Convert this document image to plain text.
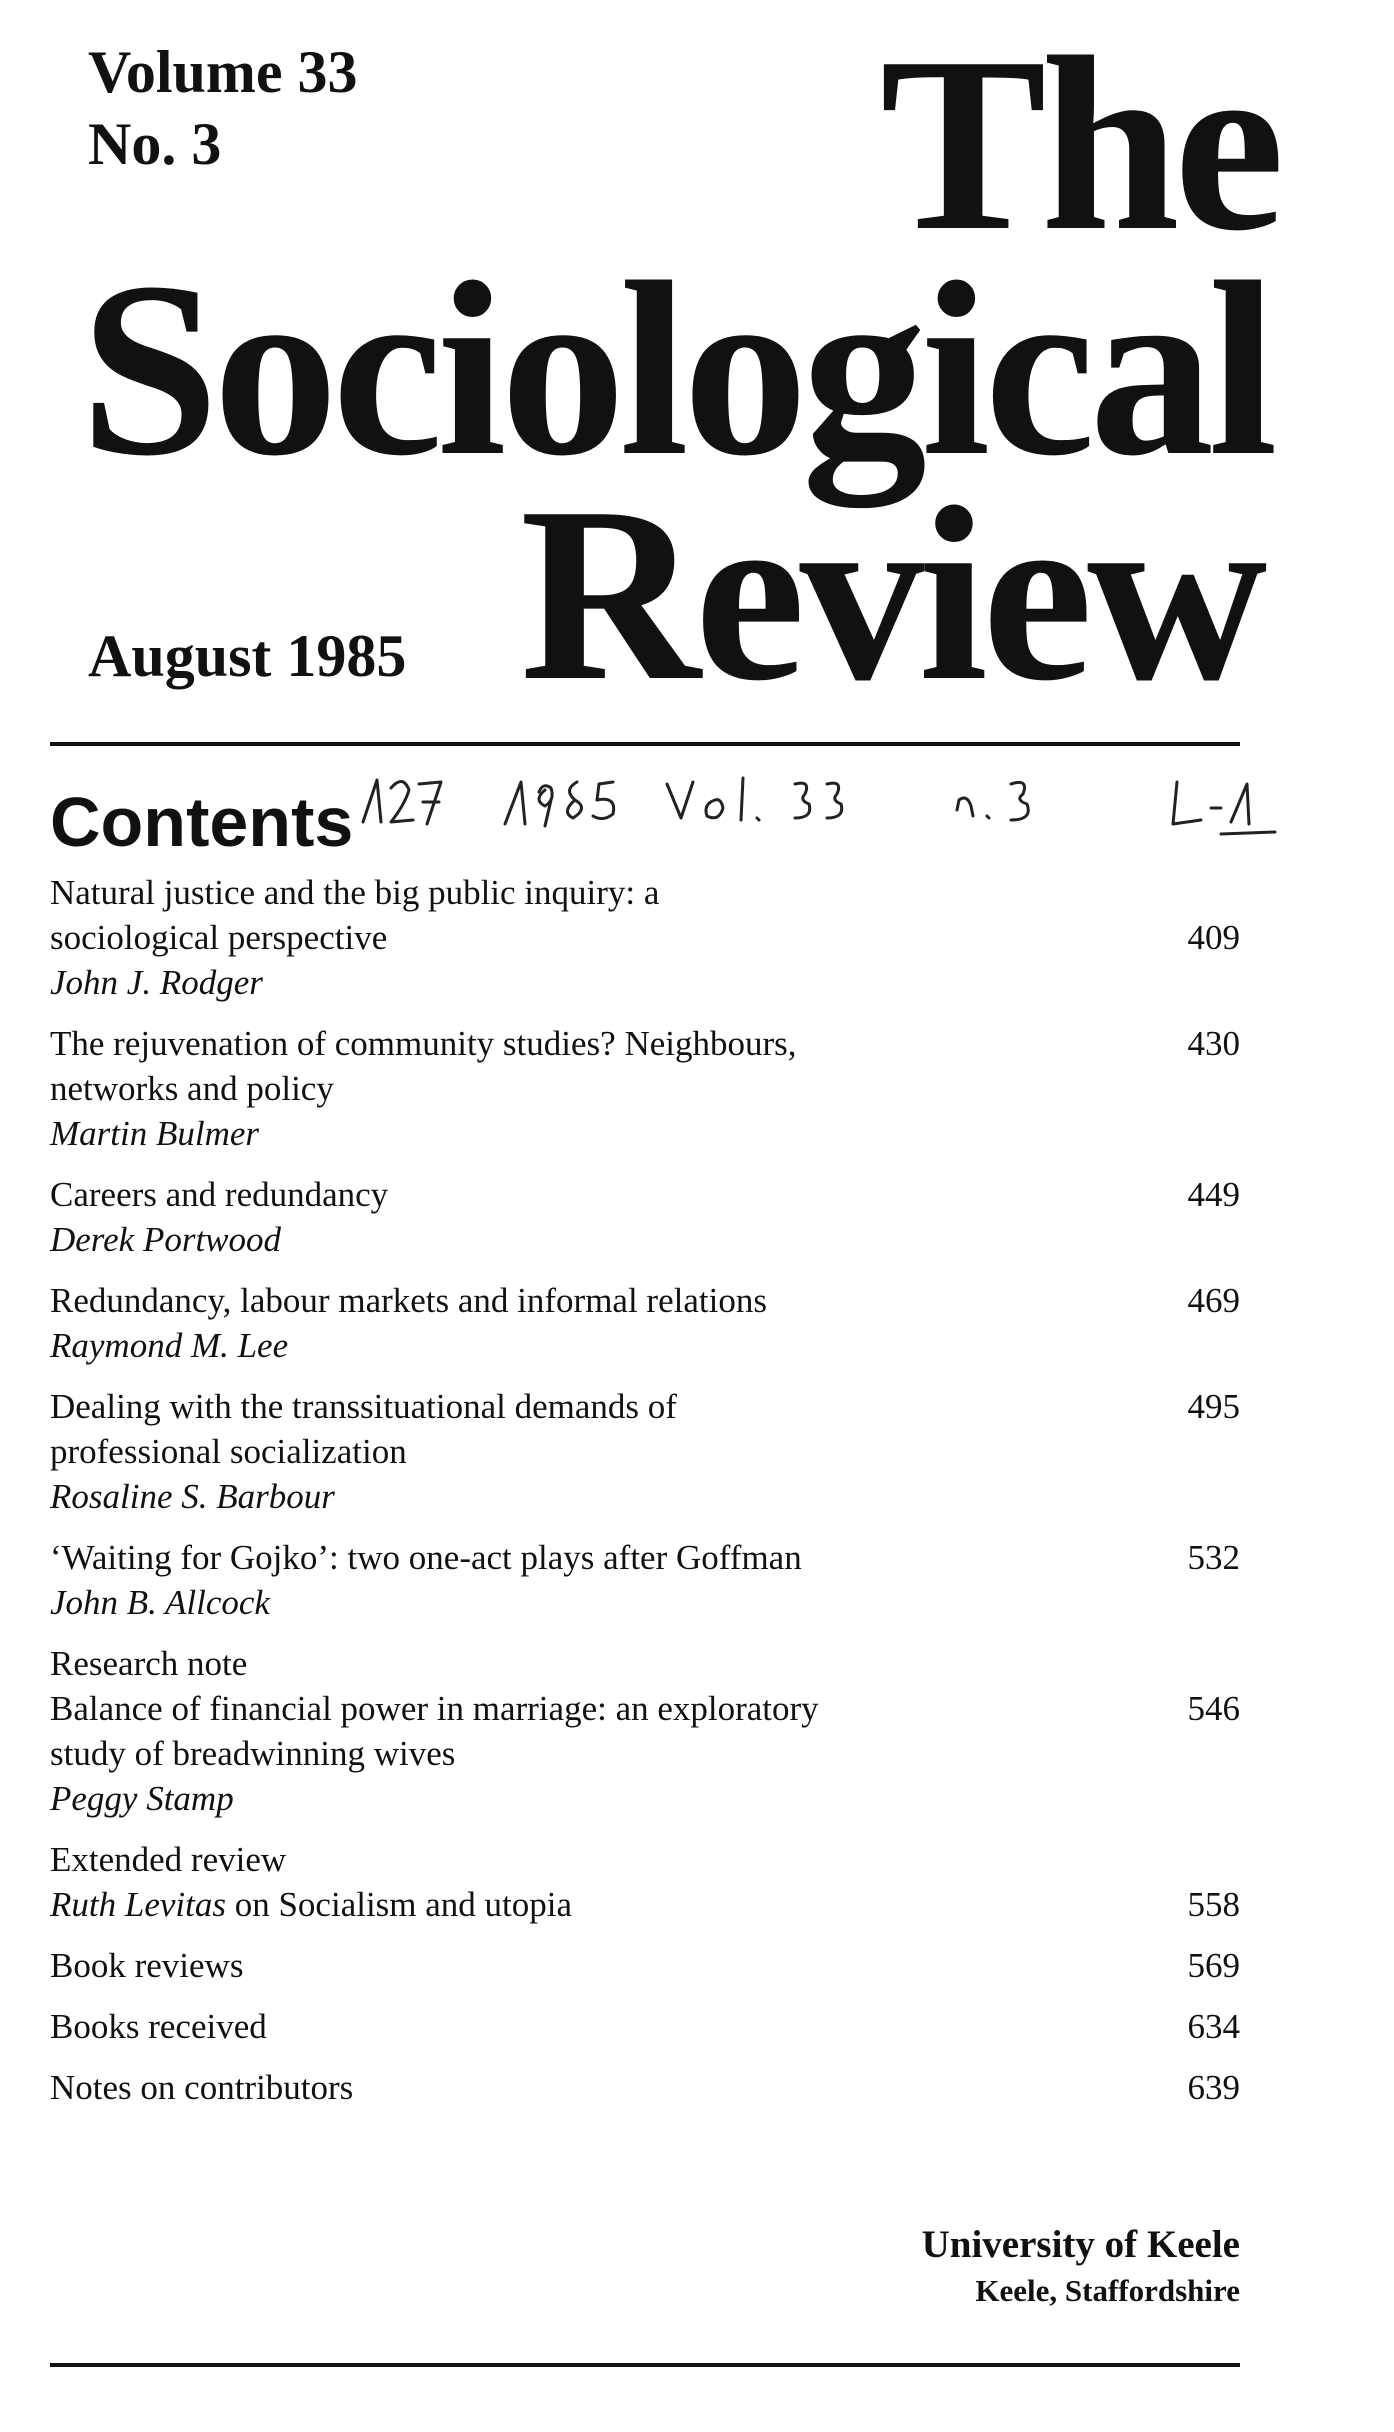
Volume 33
No. 3	The
Sociological
Review
August 1985
Contents
Natural justice and the big public inquiry: a
sociological perspective	409
John J. Rodger
The rejuvenation of community studies? Neighbours,	430
networks and policy
Martin Bulmer
Careers and redundancy	449
Derek Portwood
Redundancy, labour markets and informal relations	469
Raymond M. Lee
Dealing with the transsituational demands of	495
professional socialization
Rosaline S. Barbour
‘Waiting for Gojko’: two one-act plays after Goffman	532
John B. Allcock
Research note
Balance of financial power in marriage: an exploratory	546
study of breadwinning wives
Peggy Stamp
Extended review
Ruth Levitas on Socialism and utopia	558
Book reviews	569
Books received	634
Notes on contributors	639
University of Keele
Keele, Staffordshire
